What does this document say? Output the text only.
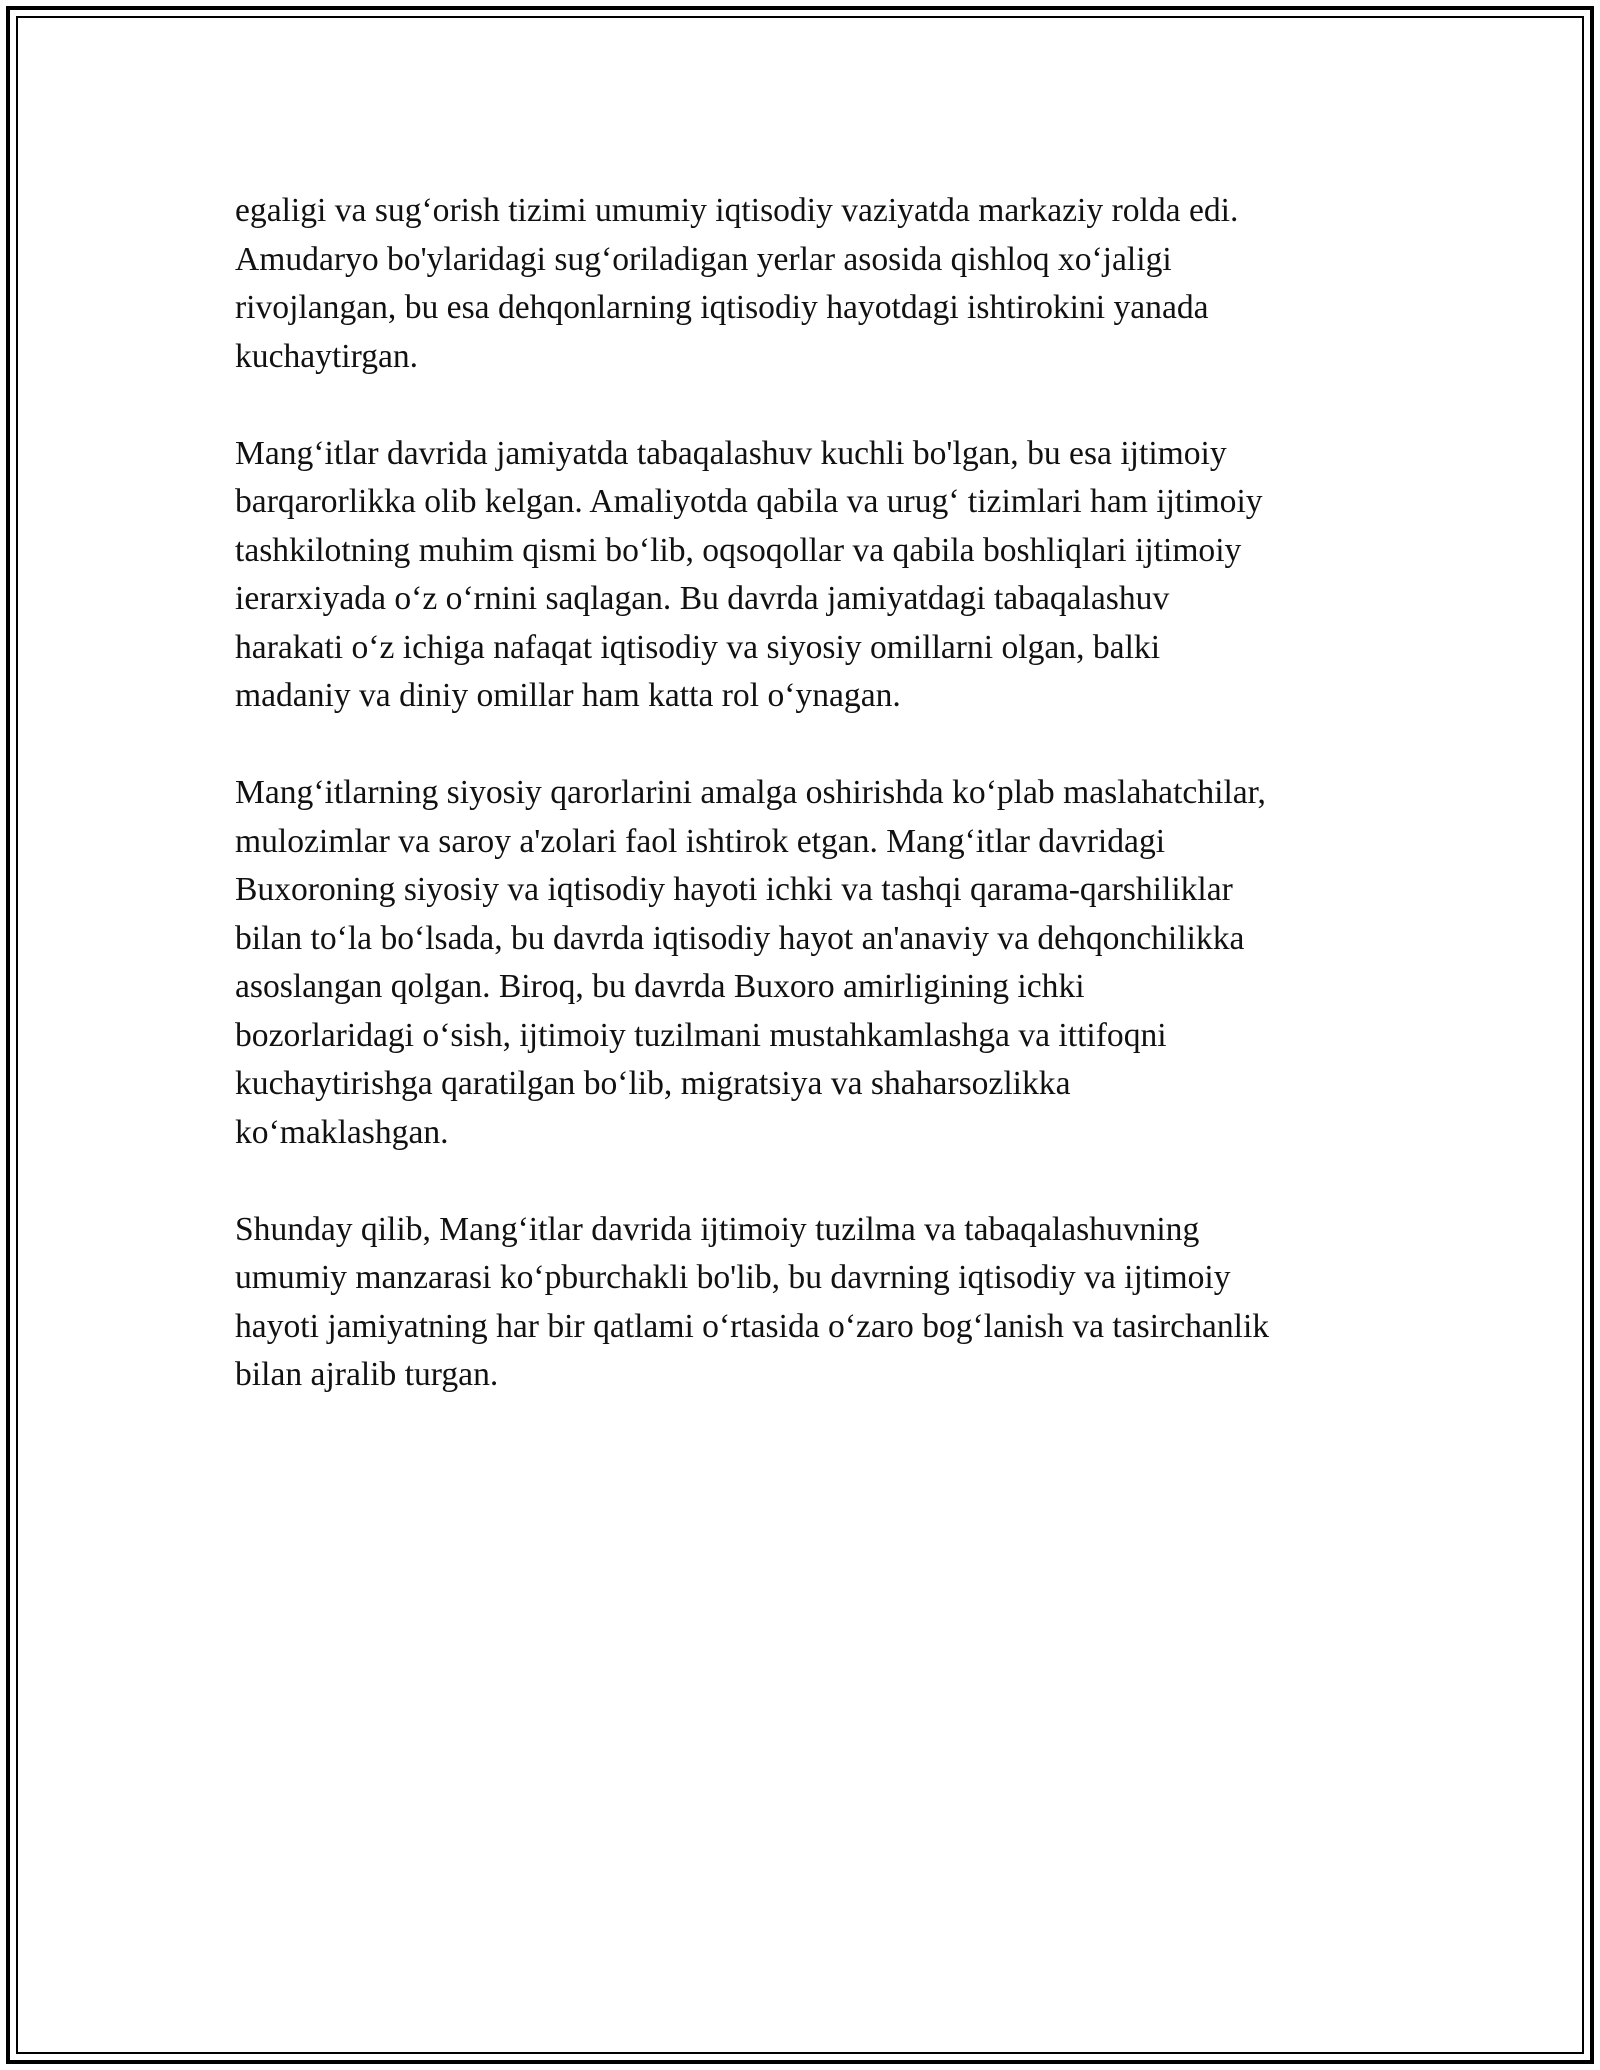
egaligi va sug‘orish tizimi umumiy iqtisodiy vaziyatda markaziy rolda edi.
Amudaryo bo'ylaridagi sug‘oriladigan yerlar asosida qishloq xo‘jaligi
rivojlangan, bu esa dehqonlarning iqtisodiy hayotdagi ishtirokini yanada
kuchaytirgan.

Mang‘itlar davrida jamiyatda tabaqalashuv kuchli bo'lgan, bu esa ijtimoiy
barqarorlikka olib kelgan. Amaliyotda qabila va urug‘ tizimlari ham ijtimoiy
tashkilotning muhim qismi bo‘lib, oqsoqollar va qabila boshliqlari ijtimoiy
ierarxiyada o‘z o‘rnini saqlagan. Bu davrda jamiyatdagi tabaqalashuv
harakati o‘z ichiga nafaqat iqtisodiy va siyosiy omillarni olgan, balki
madaniy va diniy omillar ham katta rol o‘ynagan.

Mang‘itlarning siyosiy qarorlarini amalga oshirishda ko‘plab maslahatchilar,
mulozimlar va saroy a'zolari faol ishtirok etgan. Mang‘itlar davridagi
Buxoroning siyosiy va iqtisodiy hayoti ichki va tashqi qarama-qarshiliklar
bilan to‘la bo‘lsada, bu davrda iqtisodiy hayot an'anaviy va dehqonchilikka
asoslangan qolgan. Biroq, bu davrda Buxoro amirligining ichki
bozorlaridagi o‘sish, ijtimoiy tuzilmani mustahkamlashga va ittifoqni
kuchaytirishga qaratilgan bo‘lib, migratsiya va shaharsozlikka
ko‘maklashgan.

Shunday qilib, Mang‘itlar davrida ijtimoiy tuzilma va tabaqalashuvning
umumiy manzarasi ko‘pburchakli bo'lib, bu davrning iqtisodiy va ijtimoiy
hayoti jamiyatning har bir qatlami o‘rtasida o‘zaro bog‘lanish va tasirchanlik
bilan ajralib turgan.
